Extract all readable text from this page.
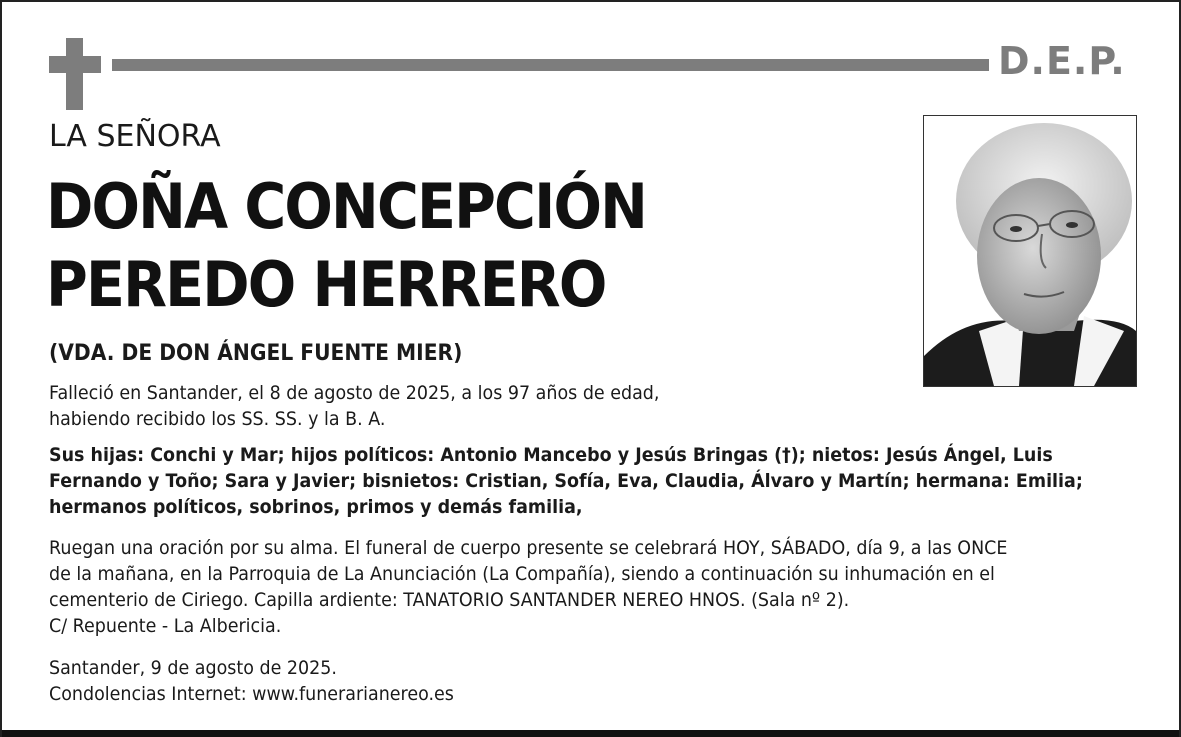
D.E.P.
LA SEÑORA
DOÑA CONCEPCIÓN
PEREDO HERRERO
(VDA. DE DON ÁNGEL FUENTE MIER)
Falleció en Santander, el 8 de agosto de 2025, a los 97 años de edad,
habiendo recibido los SS. SS. y la B. A.
Sus hijas: Conchi y Mar; hijos políticos: Antonio Mancebo y Jesús Bringas (†); nietos: Jesús Ángel, Luis
Fernando y Toño; Sara y Javier; bisnietos: Cristian, Sofía, Eva, Claudia, Álvaro y Martín; hermana: Emilia;
hermanos políticos, sobrinos, primos y demás familia,
Ruegan una oración por su alma. El funeral de cuerpo presente se celebrará HOY, SÁBADO, día 9, a las ONCE
de la mañana, en la Parroquia de La Anunciación (La Compañía), siendo a continuación su inhumación en el
cementerio de Ciriego. Capilla ardiente: TANATORIO SANTANDER NEREO HNOS. (Sala nº 2).
C/ Repuente - La Albericia.
Santander, 9 de agosto de 2025.
Condolencias Internet: www.funerarianereo.es
